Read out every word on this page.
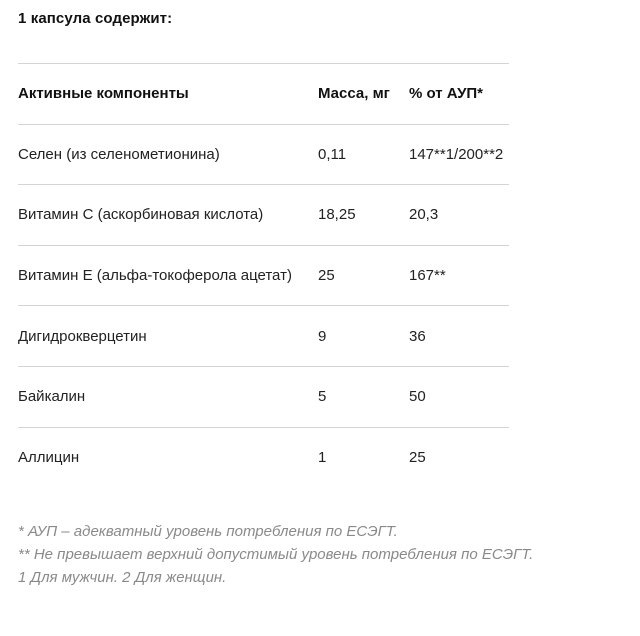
1 капсула содержит:
Активные компоненты	Масса, мг	% от АУП*
Селен (из селенометионина)	0,11	147**1/200**2
Витамин С (аскорбиновая кислота)	18,25	20,3
Витамин Е (альфа-токоферола ацетат)	25	167**
Дигидрокверцетин	9	36
Байкалин	5	50
Аллицин	1	25
* АУП – адекватный уровень потребления по ЕСЭГТ.
** Не превышает верхний допустимый уровень потребления по ЕСЭГТ.
1 Для мужчин. 2 Для женщин.
